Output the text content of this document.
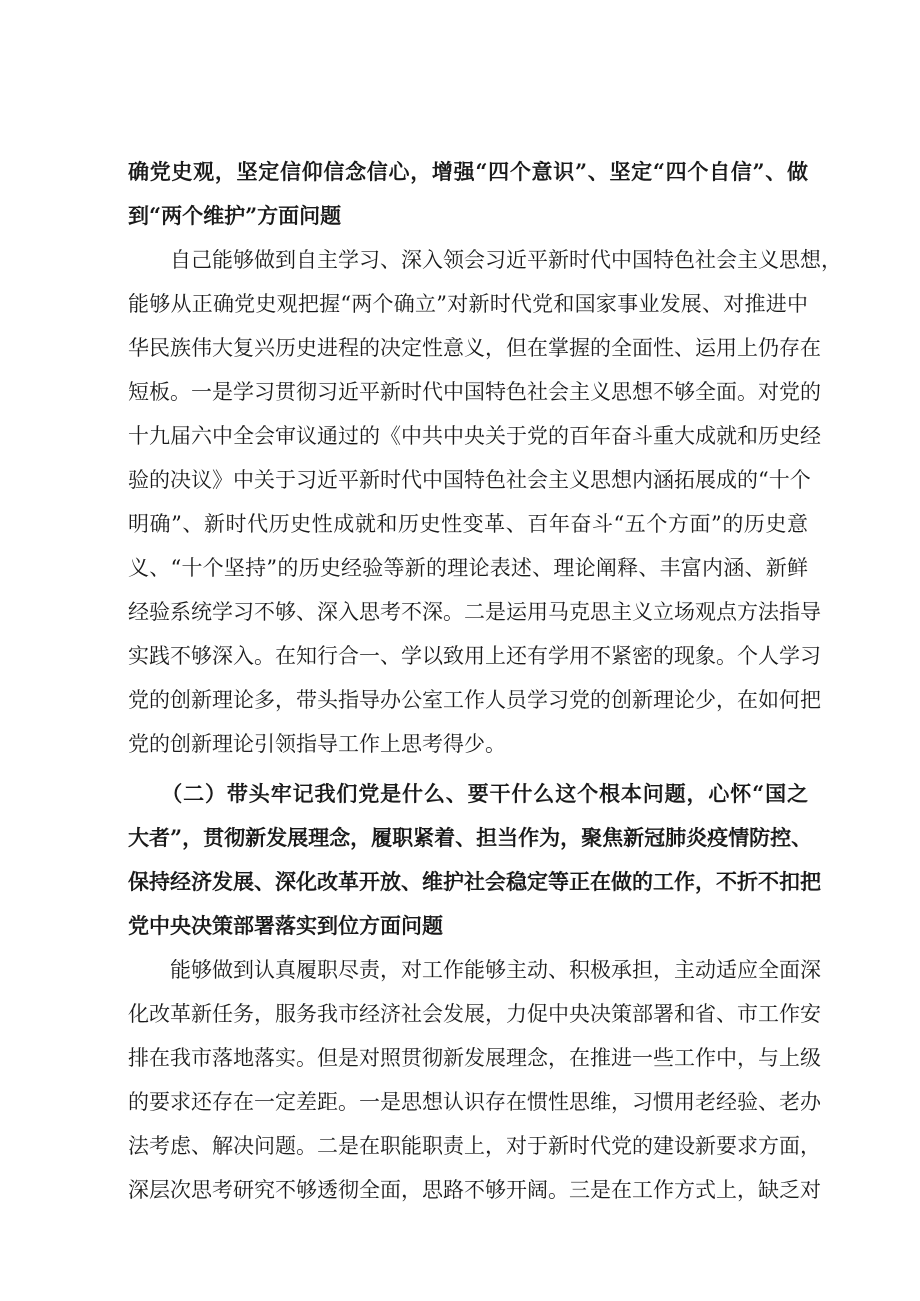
确党史观，坚定信仰信念信心，增强“四个意识”、坚定“四个自信”、做
到“两个维护”方面问题
　　自己能够做到自主学习、深入领会习近平新时代中国特色社会主义思想，
能够从正确党史观把握“两个确立”对新时代党和国家事业发展、对推进中
华民族伟大复兴历史进程的决定性意义，但在掌握的全面性、运用上仍存在
短板。一是学习贯彻习近平新时代中国特色社会主义思想不够全面。对党的
十九届六中全会审议通过的《中共中央关于党的百年奋斗重大成就和历史经
验的决议》中关于习近平新时代中国特色社会主义思想内涵拓展成的“十个
明确”、新时代历史性成就和历史性变革、百年奋斗“五个方面”的历史意
义、“十个坚持”的历史经验等新的理论表述、理论阐释、丰富内涵、新鲜
经验系统学习不够、深入思考不深。二是运用马克思主义立场观点方法指导
实践不够深入。在知行合一、学以致用上还有学用不紧密的现象。个人学习
党的创新理论多，带头指导办公室工作人员学习党的创新理论少，在如何把
党的创新理论引领指导工作上思考得少。
　　（二）带头牢记我们党是什么、要干什么这个根本问题，心怀“国之
大者”，贯彻新发展理念，履职紧着、担当作为，聚焦新冠肺炎疫情防控、
保持经济发展、深化改革开放、维护社会稳定等正在做的工作，不折不扣把
党中央决策部署落实到位方面问题
　　能够做到认真履职尽责，对工作能够主动、积极承担，主动适应全面深
化改革新任务，服务我市经济社会发展，力促中央决策部署和省、市工作安
排在我市落地落实。但是对照贯彻新发展理念，在推进一些工作中，与上级
的要求还存在一定差距。一是思想认识存在惯性思维，习惯用老经验、老办
法考虑、解决问题。二是在职能职责上，对于新时代党的建设新要求方面，
深层次思考研究不够透彻全面，思路不够开阔。三是在工作方式上，缺乏对
